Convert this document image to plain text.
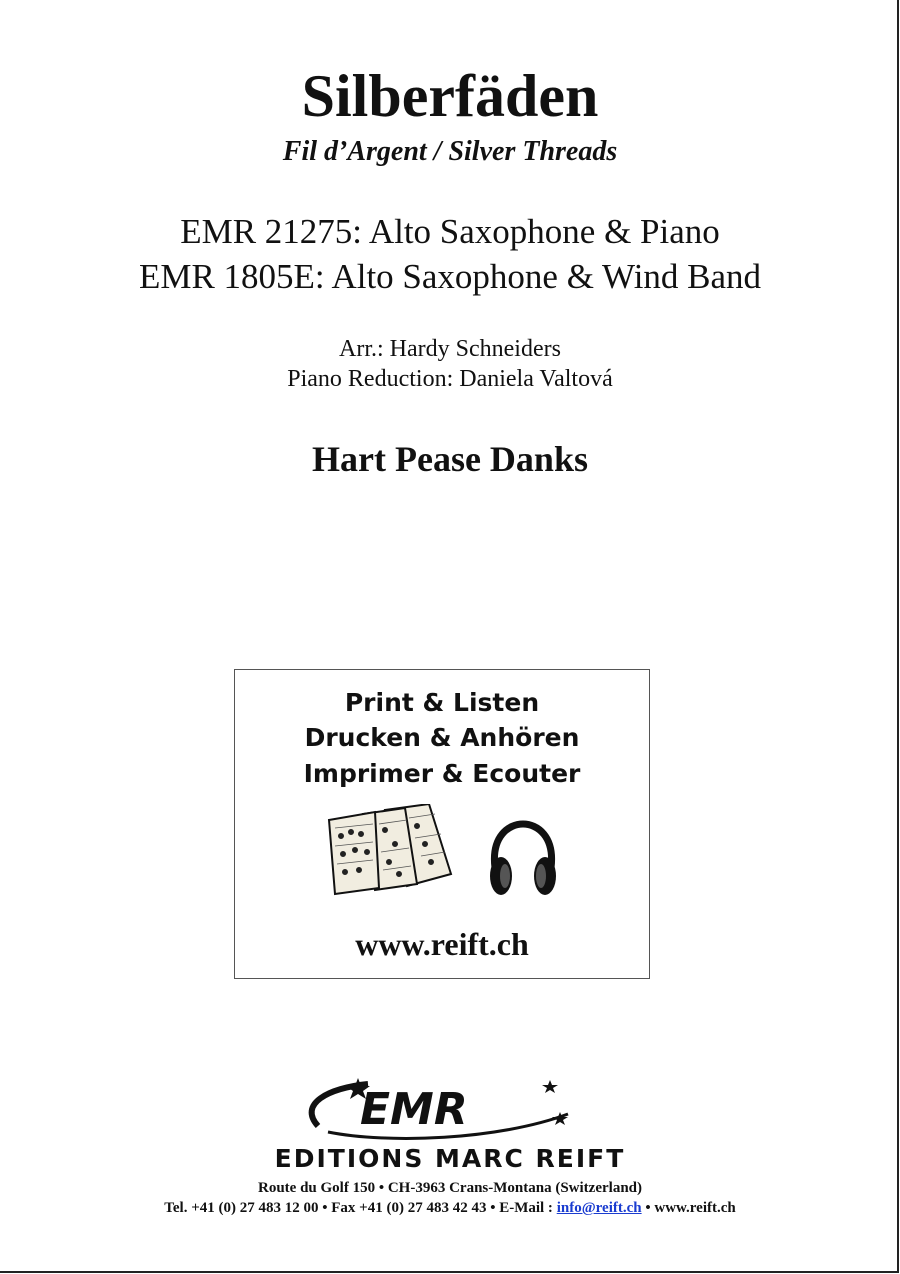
Silberfäden
Fil d’Argent / Silver Threads
EMR 21275: Alto Saxophone & Piano
EMR 1805E: Alto Saxophone & Wind Band
Arr.: Hardy Schneiders
Piano Reduction: Daniela Valtová
Hart Pease Danks
Print & Listen
Drucken & Anhören
Imprimer & Ecouter
www.reift.ch
EMR
EDITIONS MARC REIFT
Route du Golf 150 • CH-3963 Crans-Montana (Switzerland)
Tel. +41 (0) 27 483 12 00 • Fax +41 (0) 27 483 42 43 • E-Mail : info@reift.ch • www.reift.ch
